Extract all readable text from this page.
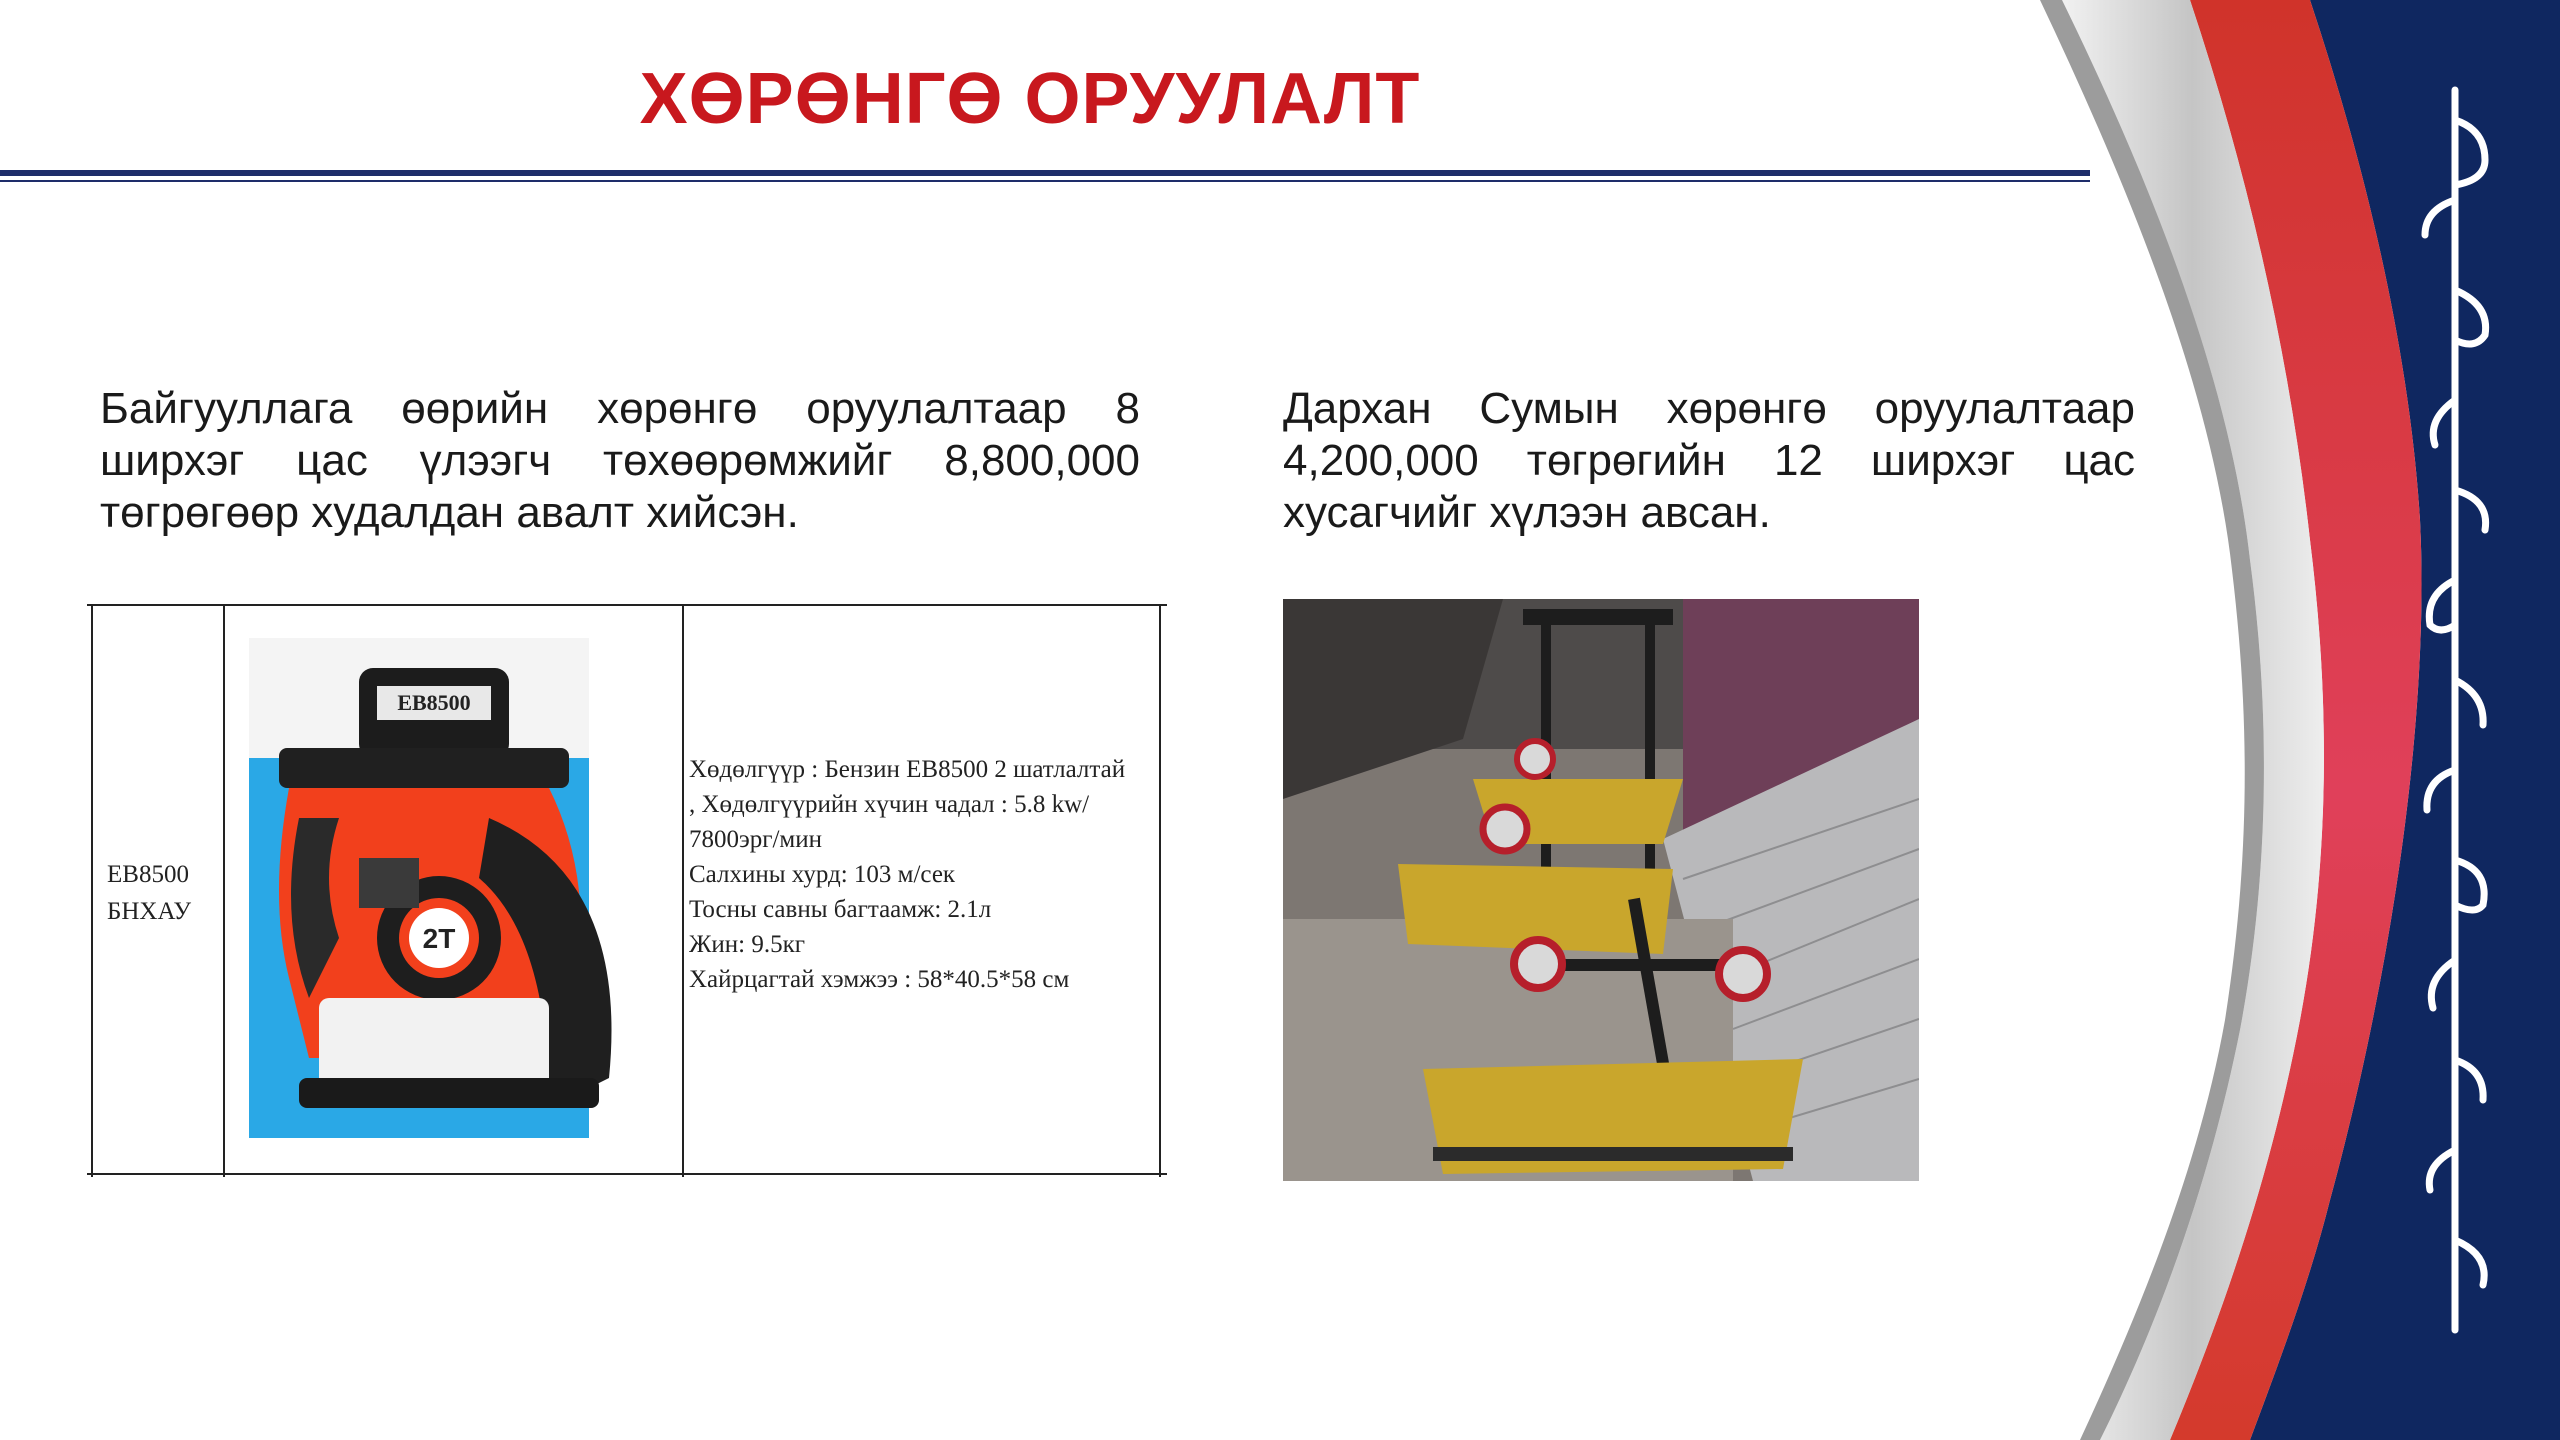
ХӨРӨНГӨ ОРУУЛАЛТ

Байгууллага өөрийн хөрөнгө оруулалтаар 8 ширхэг цас үлээгч төхөөрөмжийг 8,800,000 төгрөгөөр худалдан авалт хийсэн.

Дархан Сумын хөрөнгө оруулалтаар 4,200,000 төгрөгийн 12 ширхэг цас хусагчийг хүлээн авсан.

EB8500
БНХАУ
EB8500
2T
Хөдөлгүүр : Бензин EB8500 2 шатлалтай
, Хөдөлгүүрийн хүчин чадал : 5.8 kw/
7800эрг/мин
Салхины хурд: 103 м/сек
Тосны савны багтаамж: 2.1л
Жин: 9.5кг
Хайрцагтай хэмжээ : 58*40.5*58 см
